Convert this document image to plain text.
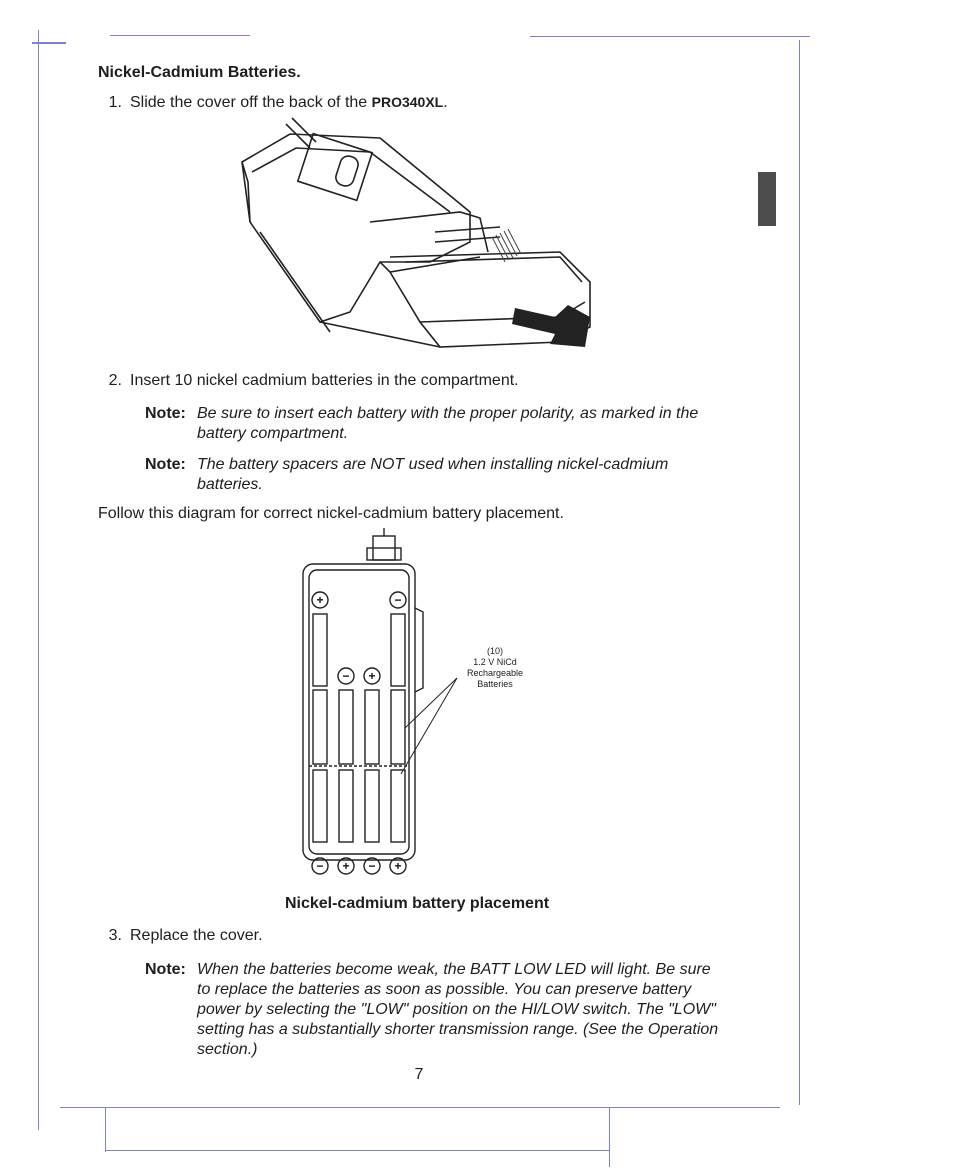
Nickel-Cadmium Batteries.
1. Slide the cover off the back of the PRO340XL.
2. Insert 10 nickel cadmium batteries in the compartment.
Note: Be sure to insert each battery with the proper polarity, as marked in the battery compartment.
Note: The battery spacers are NOT used when installing nickel-cadmium batteries.
Follow this diagram for correct nickel-cadmium battery placement.
+	−
− +
− + − +
(10)
1.2 V NiCd
Rechargeable
Batteries
Nickel-cadmium battery placement
3. Replace the cover.
Note: When the batteries become weak, the BATT LOW LED will light. Be sure to replace the batteries as soon as possible. You can preserve battery power by selecting the "LOW" position on the HI/LOW switch. The "LOW" setting has a substantially shorter transmission range. (See the Operation section.)
7
